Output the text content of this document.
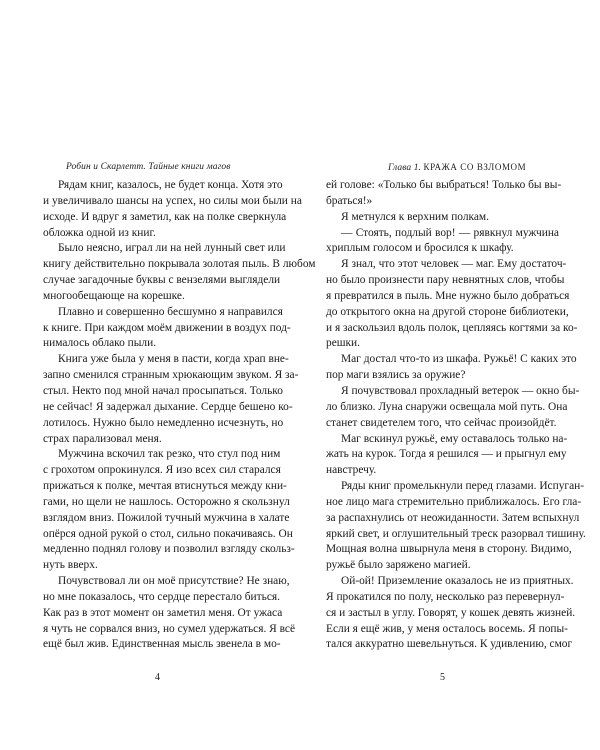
Робин и Скарлетт. Тайные книги магов
Рядам книг, казалось, не будет конца. Хотя это
и увеличивало шансы на успех, но силы мои были на
исходе. И вдруг я заметил, как на полке сверкнула
обложка одной из книг.
Было неясно, играл ли на ней лунный свет или
книгу действительно покрывала золотая пыль. В любом
случае загадочные буквы с вензелями выглядели
многообещающе на корешке.
Плавно и совершенно бесшумно я направился
к книге. При каждом моём движении в воздух под-
нималось облако пыли.
Книга уже была у меня в пасти, когда храп вне-
запно сменился странным хрюкающим звуком. Я за-
стыл. Некто под мной начал просыпаться. Только
не сейчас! Я задержал дыхание. Сердце бешено ко-
лотилось. Нужно было немедленно исчезнуть, но
страх парализовал меня.
Мужчина вскочил так резко, что стул под ним
с грохотом опрокинулся. Я изо всех сил старался
прижаться к полке, мечтая втиснуться между кни-
гами, но щели не нашлось. Осторожно я скользнул
взглядом вниз. Пожилой тучный мужчина в халате
опёрся одной рукой о стол, сильно покачиваясь. Он
медленно поднял голову и позволил взгляду скольз-
нуть вверх.
Почувствовал ли он моё присутствие? Не знаю,
но мне показалось, что сердце перестало биться.
Как раз в этот момент он заметил меня. От ужаса
я чуть не сорвался вниз, но сумел удержаться. Я всё
ещё был жив. Единственная мысль звенела в мо-
4
Глава 1. КРАЖА СО ВЗЛОМОМ
ей голове: «Только бы выбраться! Только бы вы-
браться!»
Я метнулся к верхним полкам.
— Стоять, подлый вор! — рявкнул мужчина
хриплым голосом и бросился к шкафу.
Я знал, что этот человек — маг. Ему достаточ-
но было произнести пару невнятных слов, чтобы
я превратился в пыль. Мне нужно было добраться
до открытого окна на другой стороне библиотеки,
и я заскользил вдоль полок, цепляясь когтями за ко-
решки.
Маг достал что-то из шкафа. Ружьё! С каких это
пор маги взялись за оружие?
Я почувствовал прохладный ветерок — окно бы-
ло близко. Луна снаружи освещала мой путь. Она
станет свидетелем того, что сейчас произойдёт.
Маг вскинул ружьё, ему оставалось только на-
жать на курок. Тогда я решился — и прыгнул ему
навстречу.
Ряды книг промелькнули перед глазами. Испуган-
ное лицо мага стремительно приближалось. Его гла-
за распахнулись от неожиданности. Затем вспыхнул
яркий свет, и оглушительный треск разорвал тишину.
Мощная волна швырнула меня в сторону. Видимо,
ружьё было заряжено магией.
Ой-ой! Приземление оказалось не из приятных.
Я прокатился по полу, несколько раз перевернул-
ся и застыл в углу. Говорят, у кошек девять жизней.
Если я ещё жив, у меня осталось восемь. Я попы-
тался аккуратно шевельнуться. К удивлению, смог
5
